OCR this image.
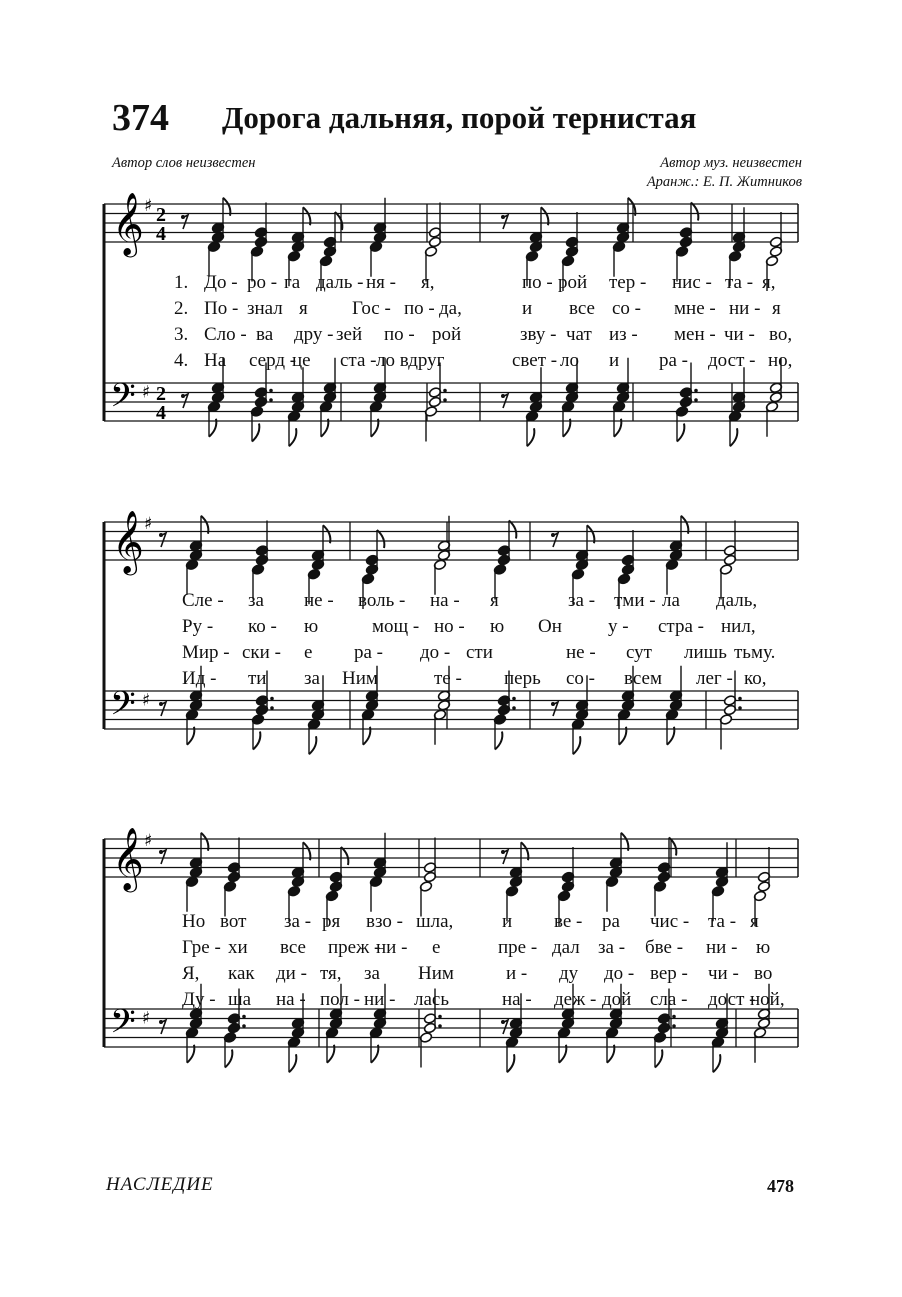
374 Дорога дальняя, порой тернистая
Автор слов неизвестен	Автор муз. неизвестен
Аранж.: Е. П. Житников
𝄞 ♯ 2
4
𝄢 ♯ 2
4
1. До - ро - га даль - ня - я,	по - рой тер - нис - та - я,
2. По - знал я Гос - по - да,	и все со - мне - ни - я
3. Сло - ва дру - зей по - рой	зву - чат из - мен - чи - во,
4. На серд -
це ста - ло вдруг	свет - ло и ра - дост - но,
𝄞 ♯
𝄢 ♯
Сле - за не - воль - на - я	за - тми - ла даль,
Ру - ко - ю	мощ - но - ю Он у - стра - нил,
Мир - ски - е ра - до - сти	не - сут лишь тьму.
Ид - ти за Ним	те - перь со - всем лег - ко,
𝄞 ♯
𝄢 ♯
Но вот за - ря взо - шла,	и ве - ра чис - та - я
Гре - хи все преж -
ни - е	пре - дал за - бве - ни - ю
Я, как ди - тя, за Ним	и - ду до - вер - чи - во
Ду - ша на - пол - ни - лась	на - деж - дой сла - дост -
ной,
НАСЛЕДИЕ	478
